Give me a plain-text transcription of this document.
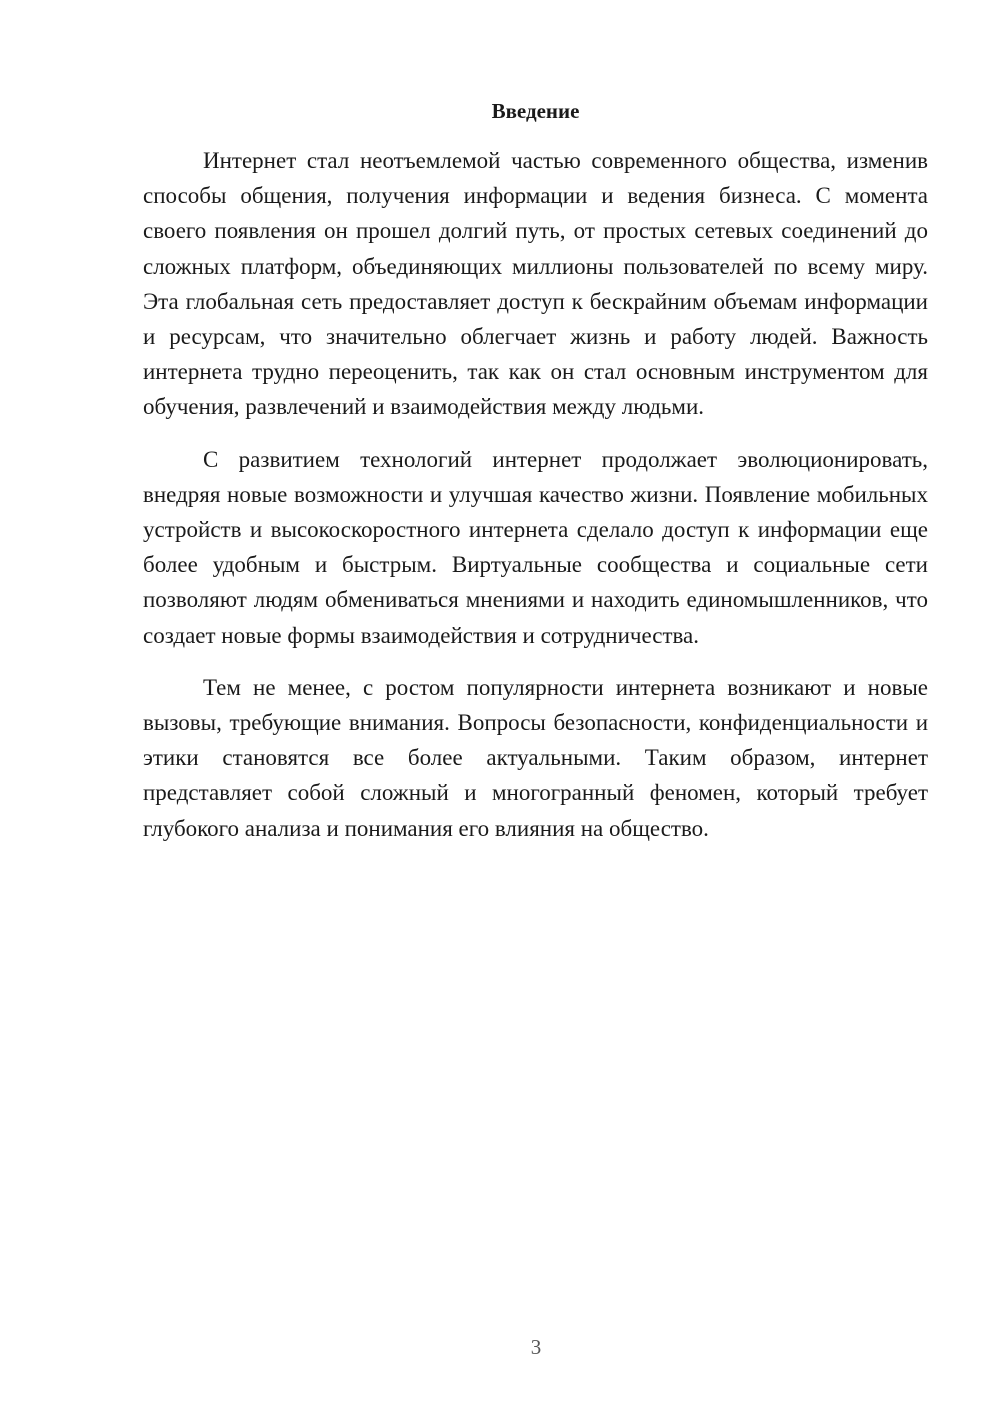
Введение

Интернет стал неотъемлемой частью современного общества, изменив способы общения, получения информации и ведения бизнеса. С момента своего появления он прошел долгий путь, от простых сетевых соединений до сложных платформ, объединяющих миллионы пользователей по всему миру. Эта глобальная сеть предоставляет доступ к бескрайним объемам информации и ресурсам, что значительно облегчает жизнь и работу людей. Важность интернета трудно переоценить, так как он стал основным инструментом для обучения, развлечений и взаимодействия между людьми.

С развитием технологий интернет продолжает эволюционировать, внедряя новые возможности и улучшая качество жизни. Появление мобильных устройств и высокоскоростного интернета сделало доступ к информации еще более удобным и быстрым. Виртуальные сообщества и социальные сети позволяют людям обмениваться мнениями и находить единомышленников, что создает новые формы взаимодействия и сотрудничества.

Тем не менее, с ростом популярности интернета возникают и новые вызовы, требующие внимания. Вопросы безопасности, конфиденциальности и этики становятся все более актуальными. Таким образом, интернет представляет собой сложный и многогранный феномен, который требует глубокого анализа и понимания его влияния на общество.

3
